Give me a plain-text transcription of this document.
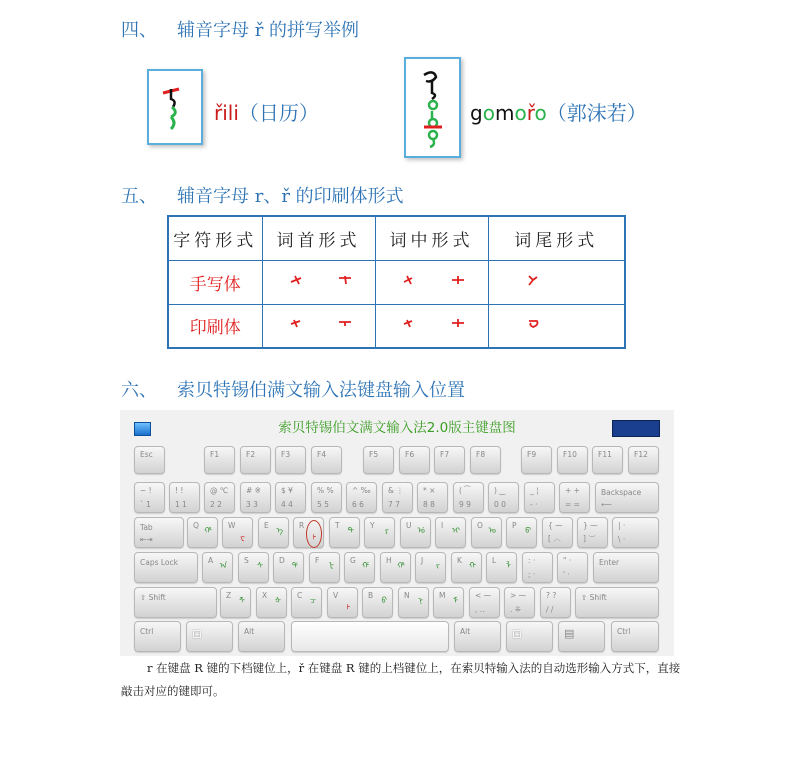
四、 辅音字母 ř 的拼写举例
řili（日历）	gomořo（郭沫若）
五、 辅音字母 r、ř 的印刷体形式
字符形式	词首形式	词中形式	词尾形式
手写体			
印刷体			
六、 索贝特锡伯满文输入法键盘输入位置
索贝特锡伯文满文输入法2.0版主键盘图
Esc	F1	F2	F3	F4	F5	F6	F7	F8	F9	F10	F11	F12
~ !
` 1
! !
1 1
@ ℃
2 2
# ※
3 3
$ ¥
4 4
% %
5 5
^ ‰
6 6
& ⋮
7 7
* ×
8 8
( ⁀
9 9
) ‿
0 0
_ ¦
- ·
+ +
= =
Backspace
⟵
Tab
⇤⇥
Q
ᡥ
W
ᠸ
E
ᡝ
R
ᡰ
T
ᡨ
Y
ᠶ
U
ᡠ
I
ᡳ
O
ᠣ
P
ᡦ
{ ⁓
[ ︿
} ⁓
] ︶
| ·
\ ·
Caps Lock	A
ᠠ
S
ᠰ
D
ᡩ
F
ᡶ
G
ᡤ
H
ᡥ
J
ᠵ
K
ᡴ
L
ᠯ
: ·
; ·
" ·
' ·
Enter
⇧ Shift	Z
ᡯ
X
ᡧ
C
ᠴ
V
ᡰ
B
ᠪ
N
ᠨ
M
ᠮ
< ⁓
, ‥
> ⁓
. ⁜
? ?
/ /
⇧ Shift
Ctrl	⊞	Alt	Alt	⊞	▤	Ctrl

r 在键盘 R 键的下档键位上，ř 在键盘 R 键的上档键位上，在索贝特输入法的自动选形输入方式下，直接敲击对应的键即可。
